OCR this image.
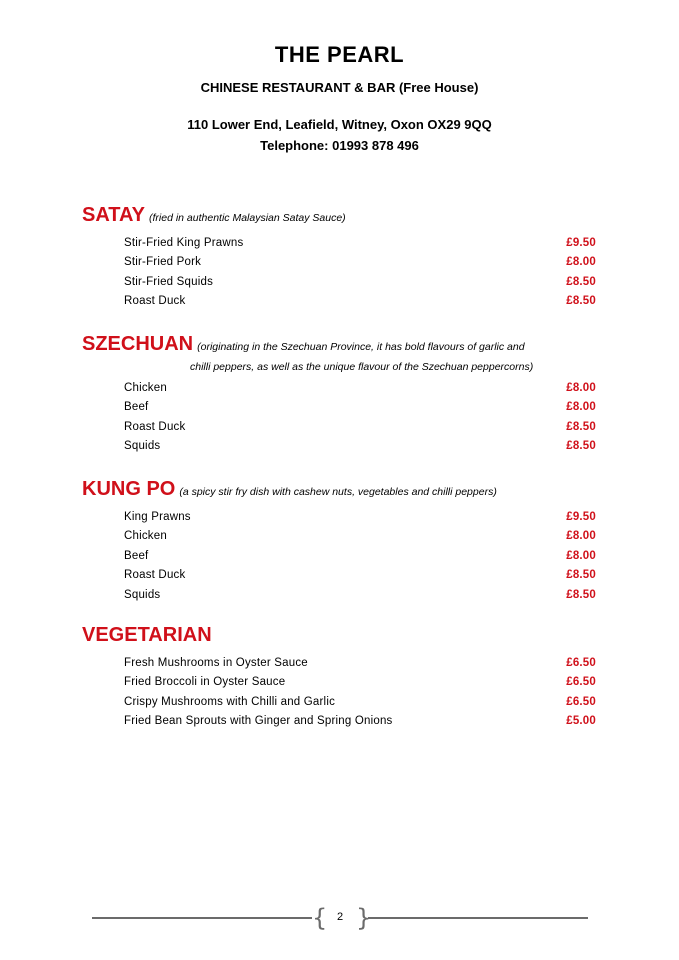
THE PEARL
CHINESE RESTAURANT & BAR (Free House)
110 Lower End, Leafield, Witney, Oxon OX29 9QQ
Telephone: 01993 878 496
SATAY (fried in authentic Malaysian Satay Sauce)
Stir-Fried King Prawns	£9.50
Stir-Fried Pork	£8.00
Stir-Fried Squids	£8.50
Roast Duck	£8.50
SZECHUAN (originating in the Szechuan Province, it has bold flavours of garlic and
chilli peppers, as well as the unique flavour of the Szechuan peppercorns)
Chicken	£8.00
Beef	£8.00
Roast Duck	£8.50
Squids	£8.50
KUNG PO (a spicy stir fry dish with cashew nuts, vegetables and chilli peppers)
King Prawns	£9.50
Chicken	£8.00
Beef	£8.00
Roast Duck	£8.50
Squids	£8.50
VEGETARIAN
Fresh Mushrooms in Oyster Sauce	£6.50
Fried Broccoli in Oyster Sauce	£6.50
Crispy Mushrooms with Chilli and Garlic	£6.50
Fried Bean Sprouts with Ginger and Spring Onions	£5.00
{ }
2
